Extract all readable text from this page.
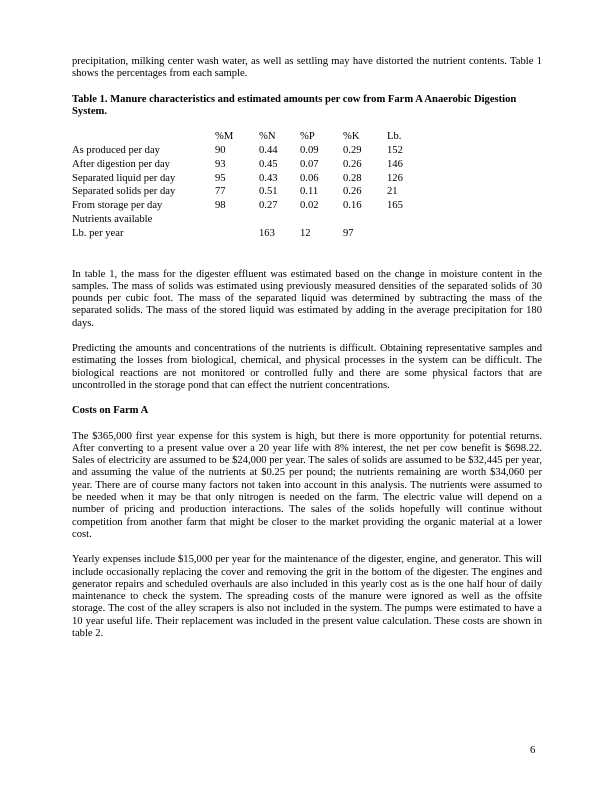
precipitation, milking center wash water, as well as settling may have distorted the nutrient contents. Table 1 shows the percentages from each sample.

Table 1. Manure characteristics and estimated amounts per cow from Farm A Anaerobic Digestion System.

	%M	%N	%P	%K	Lb.
As produced per day	90	0.44	0.09	0.29	152
After digestion per day	93	0.45	0.07	0.26	146
Separated liquid per day	95	0.43	0.06	0.28	126
Separated solids per day	77	0.51	0.11	0.26	21
From storage per day	98	0.27	0.02	0.16	165
Nutrients available					
Lb. per year		163	12	97	

In table 1, the mass for the digester effluent was estimated based on the change in moisture content in the samples. The mass of solids was estimated using previously measured densities of the separated solids of 30 pounds per cubic foot. The mass of the separated liquid was determined by subtracting the mass of the separated solids. The mass of the stored liquid was estimated by adding in the average precipitation for 180 days.

Predicting the amounts and concentrations of the nutrients is difficult. Obtaining representative samples and estimating the losses from biological, chemical, and physical processes in the system can be difficult. The biological reactions are not monitored or controlled fully and there are some physical factors that are uncontrolled in the storage pond that can effect the nutrient concentrations.

Costs on Farm A

The $365,000 first year expense for this system is high, but there is more opportunity for potential returns. After converting to a present value over a 20 year life with 8% interest, the net per cow benefit is $698.22. Sales of electricity are assumed to be $24,000 per year. The sales of solids are assumed to be $32,445 per year, and assuming the value of the nutrients at $0.25 per pound; the nutrients remaining are worth $34,060 per year. There are of course many factors not taken into account in this analysis. The nutrients were assumed to be needed when it may be that only nitrogen is needed on the farm. The electric value will depend on a number of pricing and production interactions. The sales of the solids hopefully will continue without competition from another farm that might be closer to the market providing the organic material at a lower cost.

Yearly expenses include $15,000 per year for the maintenance of the digester, engine, and generator. This will include occasionally replacing the cover and removing the grit in the bottom of the digester. The engines and generator repairs and scheduled overhauls are also included in this yearly cost as is the one half hour of daily maintenance to check the system. The spreading costs of the manure were ignored as well as the offsite storage. The cost of the alley scrapers is also not included in the system. The pumps were estimated to have a 10 year useful life. Their replacement was included in the present value calculation. These costs are shown in table 2.

6
